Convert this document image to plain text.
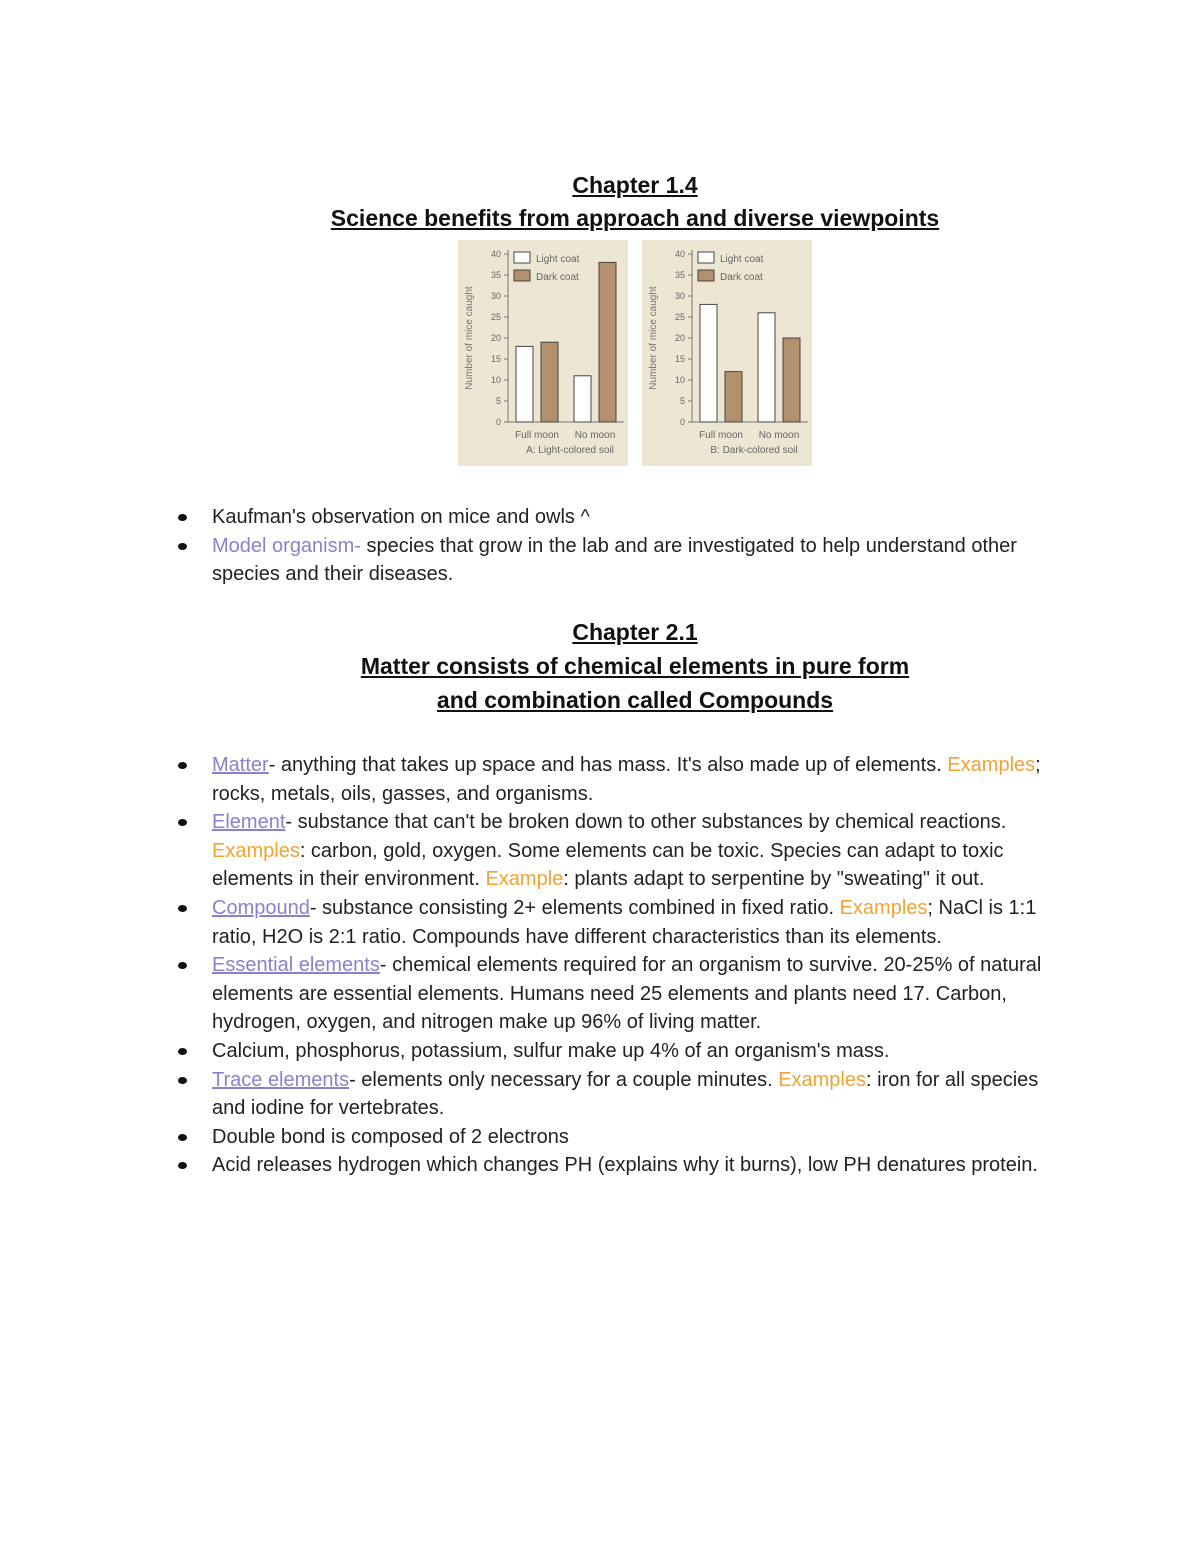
Chapter 1.4
Science benefits from approach and diverse viewpoints
0
5
10
15
20
25
30
35
40
Number of mice caught
Full moon No moon
A: Light-colored soil
Light coat
Dark coat
0
5
10
15
20
25
30
35
40
Number of mice caught
Full moon No moon
B: Dark-colored soil
Light coat
Dark coat
Kaufman's observation on mice and owls ^
Model organism- species that grow in the lab and are investigated to help understand other species and their diseases.
Chapter 2.1
Matter consists of chemical elements in pure form
and combination called Compounds
Matter- anything that takes up space and has mass. It's also made up of elements. Examples; rocks, metals, oils, gasses, and organisms.
Element- substance that can't be broken down to other substances by chemical reactions. Examples: carbon, gold, oxygen. Some elements can be toxic. Species can adapt to toxic elements in their environment. Example: plants adapt to serpentine by "sweating" it out.
Compound- substance consisting 2+ elements combined in fixed ratio. Examples; NaCl is 1:1 ratio, H2O is 2:1 ratio. Compounds have different characteristics than its elements.
Essential elements- chemical elements required for an organism to survive. 20-25% of natural elements are essential elements. Humans need 25 elements and plants need 17. Carbon, hydrogen, oxygen, and nitrogen make up 96% of living matter.
Calcium, phosphorus, potassium, sulfur make up 4% of an organism's mass.
Trace elements- elements only necessary for a couple minutes. Examples: iron for all species and iodine for vertebrates.
Double bond is composed of 2 electrons
Acid releases hydrogen which changes PH (explains why it burns), low PH denatures protein.
